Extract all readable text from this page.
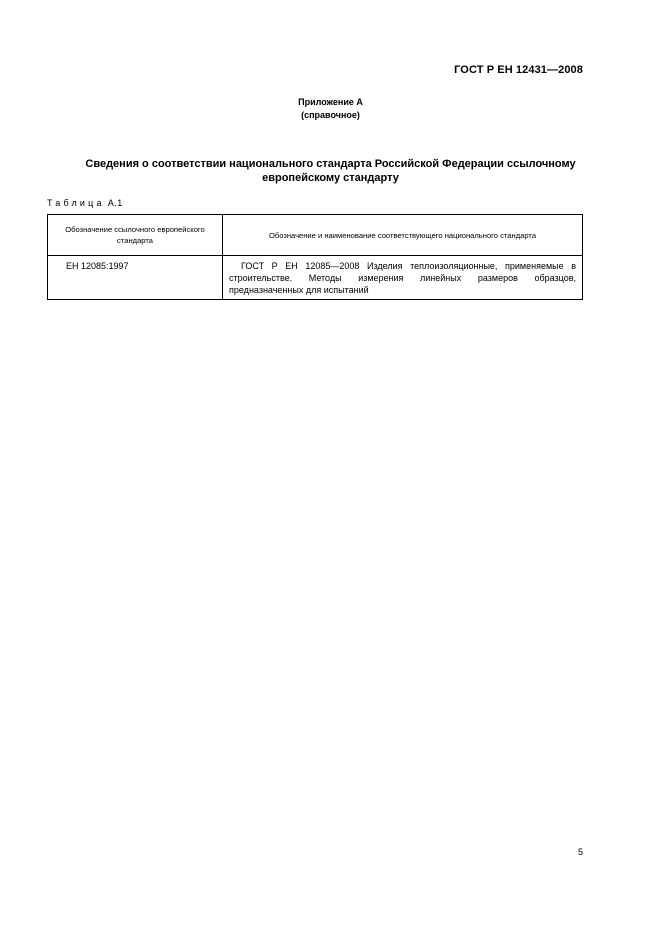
ГОСТ Р ЕН 12431—2008
Приложение А
(справочное)
Сведения о соответствии национального стандарта Российской Федерации ссылочному
европейскому стандарту
Таблица А.1
Обозначение ссылочного европейского стандарта	Обозначение и наименование соответствующего национального стандарта
ЕН 12085:1997	ГОСТ Р ЕН 12085—2008 Изделия теплоизоляционные, применяемые в строительстве. Методы измерения линейных размеров образцов, предназначенных для испытаний
5
